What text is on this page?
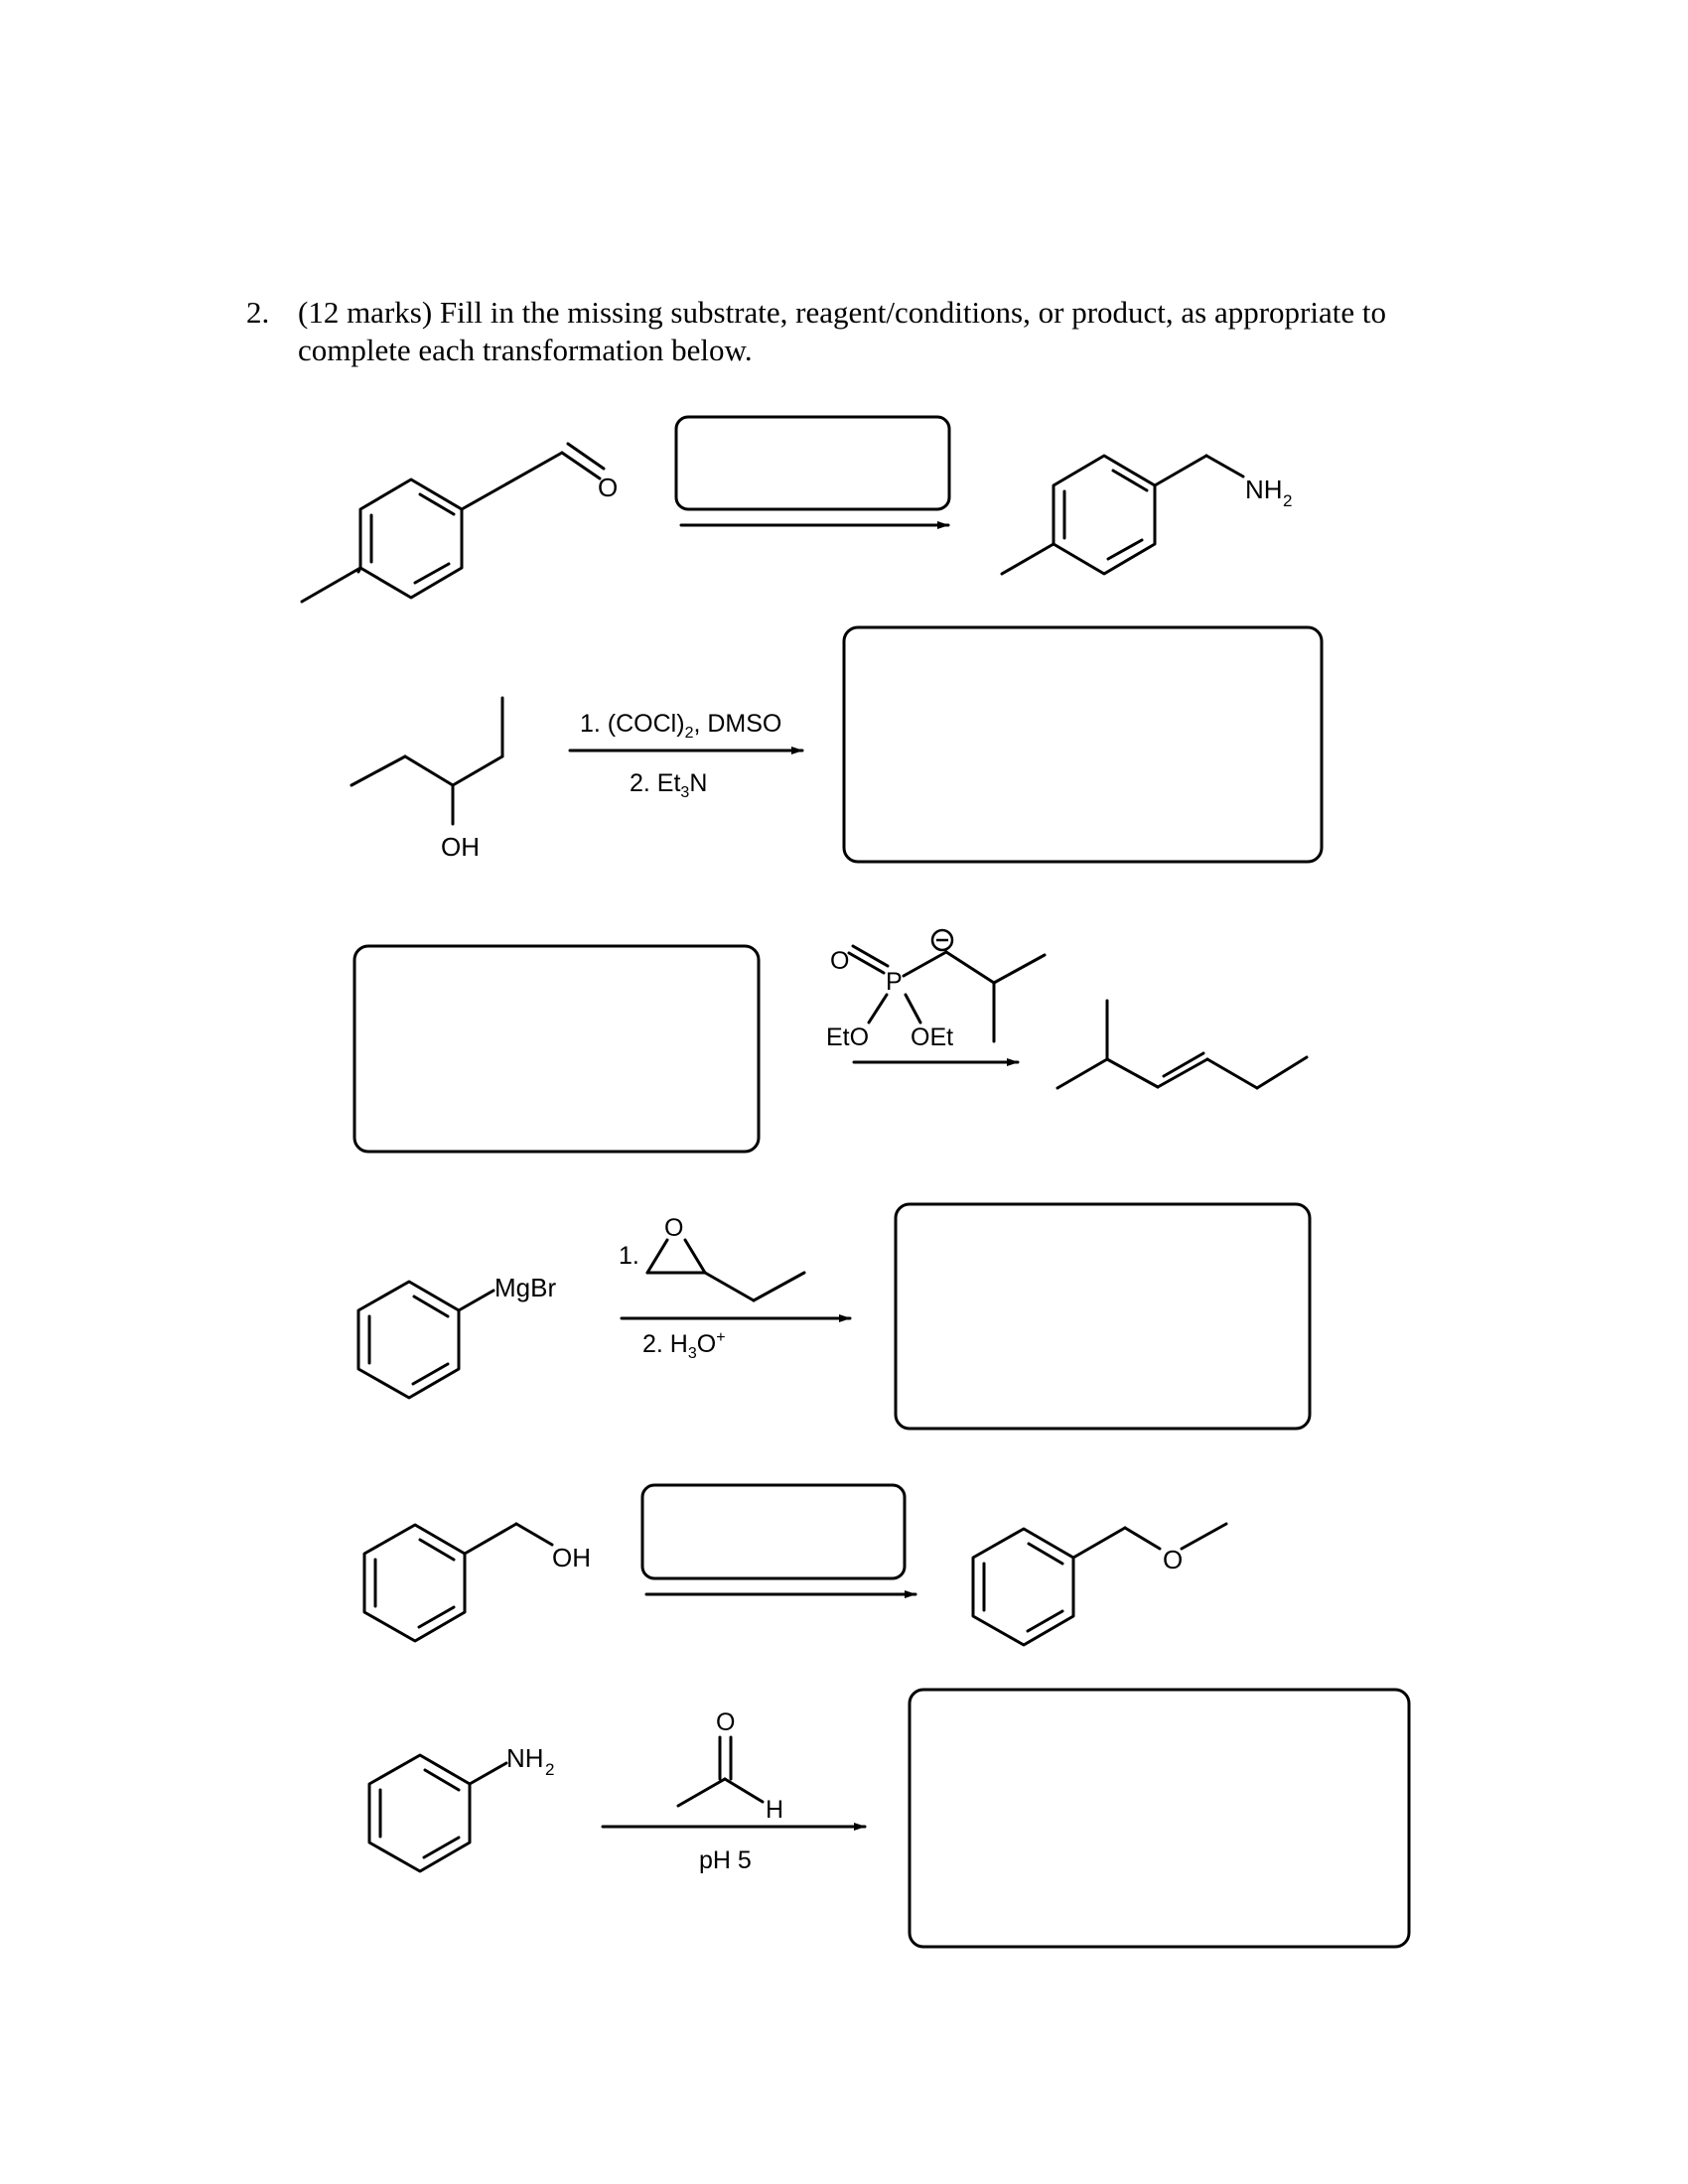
2. (12 marks) Fill in the missing substrate, reagent/conditions, or product, as appropriate to complete each transformation below.
O	NH 2
OH
1. $(COCl)_2$, DMSO
2. $Et_3N$
O
P
EtO OEt
MgBr
1.
O
2. $H_3O^+$
OH	O
NH 2
O
H
pH 5
